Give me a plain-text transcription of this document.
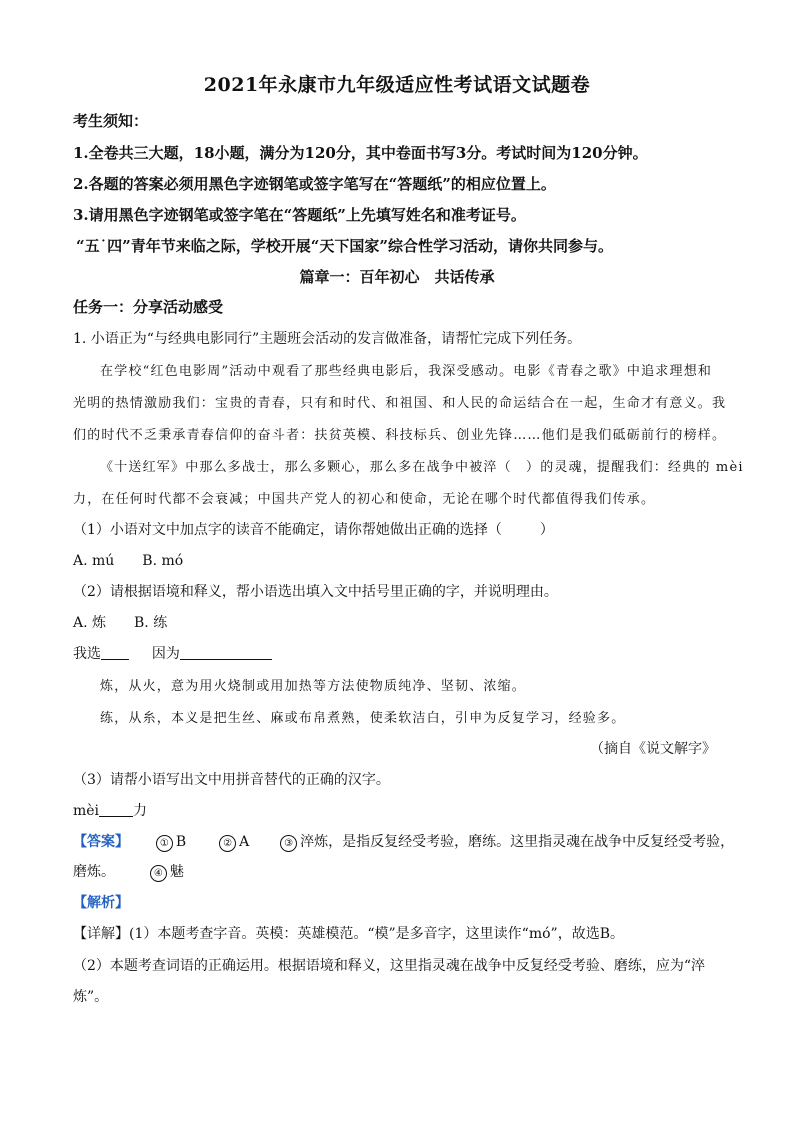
2021年永康市九年级适应性考试语文试题卷
考生须知：
1.全卷共三大题，18小题，满分为120分，其中卷面书写3分。考试时间为120分钟。
2.各题的答案必须用黑色字迹钢笔或签字笔写在“答题纸”的相应位置上。
3.请用黑色字迹钢笔或签字笔在“答题纸”上先填写姓名和准考证号。
“五˙四”青年节来临之际，学校开展“天下国家”综合性学习活动，请你共同参与。
篇章一：百年初心　共话传承
任务一：分享活动感受
1. 小语正为“与经典电影同行”主题班会活动的发言做准备，请帮忙完成下列任务。
在学校“红色电影周”活动中观看了那些经典电影后，我深受感动。电影《青春之歌》中追求理想和
光明的热情激励我们：宝贵的青春，只有和时代、和祖国、和人民的命运结合在一起，生命才有意义。我
们的时代不乏秉承青春信仰的奋斗者：扶贫英模、科技标兵、创业先锋……他们是我们砥砺前行的榜样。
《十送红军》中那么多战士，那么多颗心，那么多在战争中被淬（　）的灵魂，提醒我们：经典的 mèi
力，在任何时代都不会衰减；中国共产党人的初心和使命，无论在哪个时代都值得我们传承。
（1）小语对文中加点字的读音不能确定，请你帮她做出正确的选择（	）
A. mú　　B. mó
（2）请根据语境和释义，帮小语选出填入文中括号里正确的字，并说明理由。
A. 炼　　B. 练
我选	因为
炼，从火，意为用火烧制或用加热等方法使物质纯净、坚韧、浓缩。
练，从糸，本义是把生丝、麻或布帛煮熟，使柔软洁白，引申为反复学习，经验多。
（摘自《说文解字》
（3）请帮小语写出文中用拼音替代的正确的汉字。
mèi 力
【答案】	① B	② A	③ 淬炼，是指反复经受考验，磨练。这里指灵魂在战争中反复经受考验，
磨炼。	④ 魅
【解析】
【详解】(1）本题考查字音。英模：英雄模范。“模”是多音字，这里读作“mó”，故选B。
（2）本题考查词语的正确运用。根据语境和释义，这里指灵魂在战争中反复经受考验、磨练，应为“淬
炼”。
